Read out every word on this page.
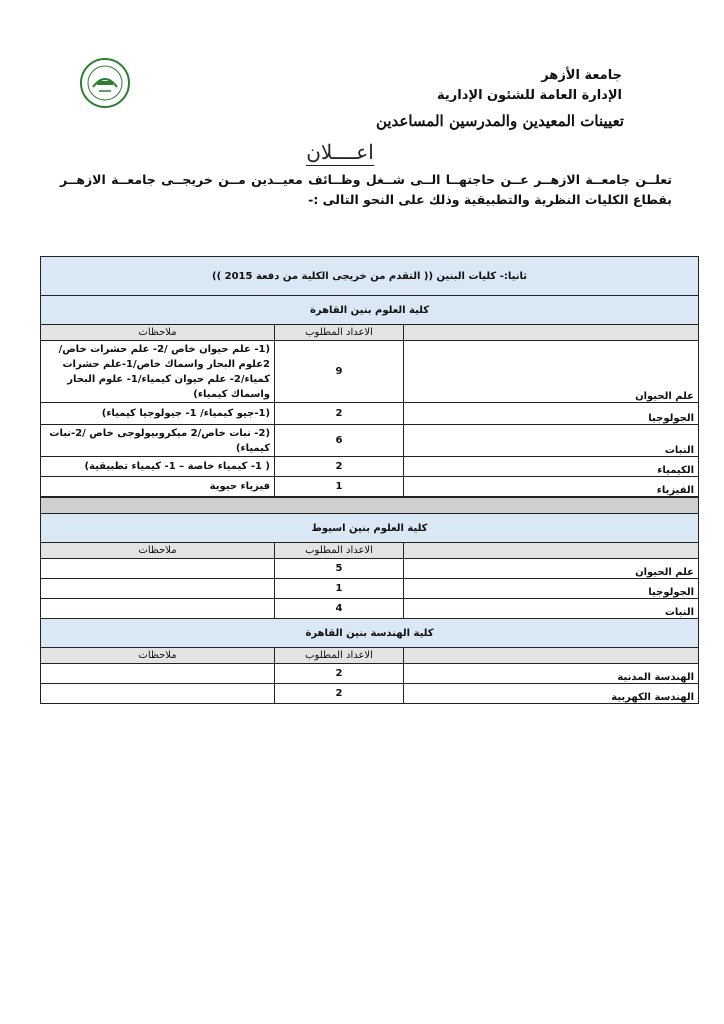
جامعة الأزهر
الإدارة العامة للشئون الإدارية
تعيينات المعيدين والمدرسين المساعدين
اعــــلان
تعلــن جامعــة الازهــر عــن حاجتهــا الــى شــغل وظــائف معيــدين مــن خريجــى جامعــة الازهــر بقطاع الكليات النظرية والتطبيقية وذلك على النحو التالى :-
ثانيا:- كليات البنين (( التقدم من خريجى الكلية من دفعة 2015 ))		
كلية العلوم بنين القاهرة		
	الاعداد المطلوب	ملاحظات
علم الحيوان	9	(1- علم حيوان خاص /2- علم حشرات خاص/ 2علوم البحار واسماك خاص/1-علم حشرات كمياء/2- علم حيوان كيمياء/1- علوم البحار واسماك كيمياء)
الجولوجيا	2	(1-جيو كيمياء/ 1- جيولوجيا كيمياء)
النبات	6	(2- نبات خاص/2 ميكروبيولوجى خاص /2-نبات كيمياء)
الكيمياء	2	( 1- كيمياء خاصة – 1- كيمياء تطبيقية)
الفيزياء	1	فيزياء حيوية

كلية العلوم بنين اسيوط		
	الاعداد المطلوب	ملاحظات
علم الحيوان	5	
الجولوجيا	1	
النبات	4	
كلية الهندسة بنين القاهرة		
	الاعداد المطلوب	ملاحظات
الهندسة المدنية	2	
الهندسة الكهربية	2	
